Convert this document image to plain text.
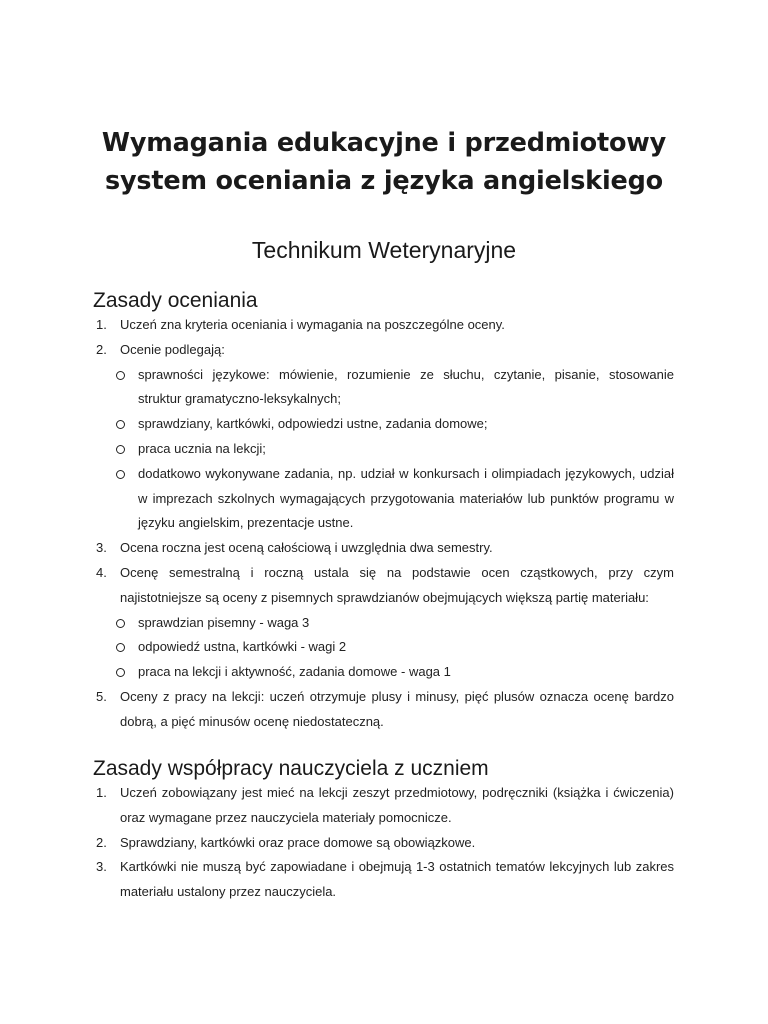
Wymagania edukacyjne i przedmiotowy
system oceniania z języka angielskiego
Technikum Weterynaryjne
Zasady oceniania
1. Uczeń zna kryteria oceniania i wymagania na poszczególne oceny.
2. Ocenie podlegają:
sprawności językowe: mówienie, rozumienie ze słuchu, czytanie, pisanie, stosowanie struktur gramatyczno-leksykalnych;
sprawdziany, kartkówki, odpowiedzi ustne, zadania domowe;
praca ucznia na lekcji;
dodatkowo wykonywane zadania, np. udział w konkursach i olimpiadach językowych, udział w imprezach szkolnych wymagających przygotowania materiałów lub punktów programu w języku angielskim, prezentacje ustne.
3. Ocena roczna jest oceną całościową i uwzględnia dwa semestry.
4. Ocenę semestralną i roczną ustala się na podstawie ocen cząstkowych, przy czym najistotniejsze są oceny z pisemnych sprawdzianów obejmujących większą partię materiału:
sprawdzian pisemny - waga 3
odpowiedź ustna, kartkówki - wagi 2
praca na lekcji i aktywność, zadania domowe - waga 1
5. Oceny z pracy na lekcji: uczeń otrzymuje plusy i minusy, pięć plusów oznacza ocenę bardzo dobrą, a pięć minusów ocenę niedostateczną.
Zasady współpracy nauczyciela z uczniem
1. Uczeń zobowiązany jest mieć na lekcji zeszyt przedmiotowy, podręczniki (książka i ćwiczenia) oraz wymagane przez nauczyciela materiały pomocnicze.
2. Sprawdziany, kartkówki oraz prace domowe są obowiązkowe.
3. Kartkówki nie muszą być zapowiadane i obejmują 1-3 ostatnich tematów lekcyjnych lub zakres materiału ustalony przez nauczyciela.
